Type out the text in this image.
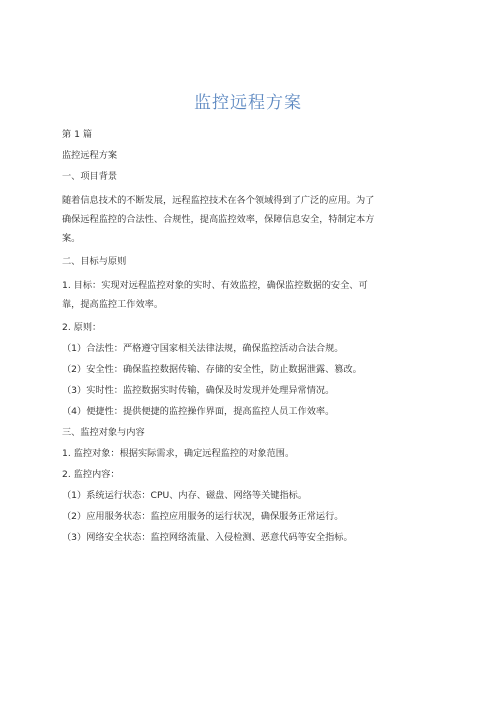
监控远程方案

第 1 篇

监控远程方案

一、项目背景

随着信息技术的不断发展，远程监控技术在各个领域得到了广泛的应用。为了
确保远程监控的合法性、合规性，提高监控效率，保障信息安全，特制定本方
案。

二、目标与原则

1. 目标：实现对远程监控对象的实时、有效监控，确保监控数据的安全、可
靠，提高监控工作效率。

2. 原则：

（1）合法性：严格遵守国家相关法律法规，确保监控活动合法合规。

（2）安全性：确保监控数据传输、存储的安全性，防止数据泄露、篡改。

（3）实时性：监控数据实时传输，确保及时发现并处理异常情况。

（4）便捷性：提供便捷的监控操作界面，提高监控人员工作效率。

三、监控对象与内容

1. 监控对象：根据实际需求，确定远程监控的对象范围。

2. 监控内容：

（1）系统运行状态：CPU、内存、磁盘、网络等关键指标。

（2）应用服务状态：监控应用服务的运行状况，确保服务正常运行。

（3）网络安全状态：监控网络流量、入侵检测、恶意代码等安全指标。
